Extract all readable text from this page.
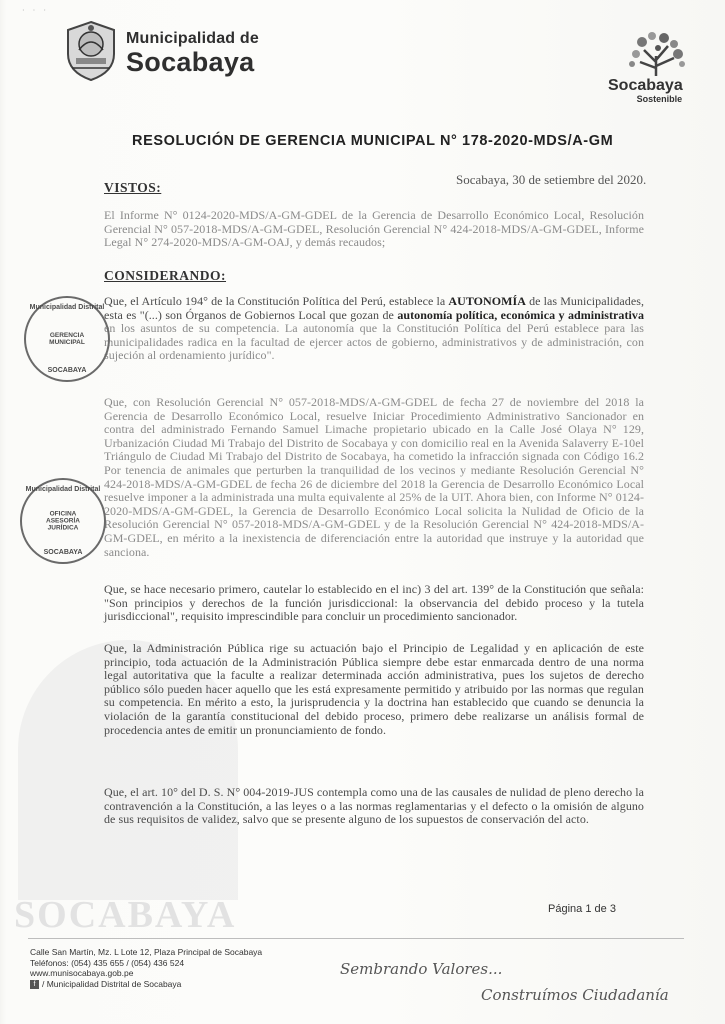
· · ·
Municipalidad de
Socabaya
Socabaya
Sostenible
RESOLUCIÓN DE GERENCIA MUNICIPAL N° 178-2020-MDS/A-GM
Socabaya, 30 de setiembre del 2020.
VISTOS:
El Informe N° 0124-2020-MDS/A-GM-GDEL de la Gerencia de Desarrollo Económico Local, Resolución Gerencial N° 057-2018-MDS/A-GM-GDEL, Resolución Gerencial N° 424-2018-MDS/A-GM-GDEL, Informe Legal N° 274-2020-MDS/A-GM-OAJ, y demás recaudos;
CONSIDERANDO:
Que, el Artículo 194° de la Constitución Política del Perú, establece la AUTONOMÍA de las Municipalidades, esta es "(...) son Órganos de Gobiernos Local que gozan de autonomía política, económica y administrativa en los asuntos de su competencia. La autonomía que la Constitución Política del Perú establece para las municipalidades radica en la facultad de ejercer actos de gobierno, administrativos y de administración, con sujeción al ordenamiento jurídico".
Que, con Resolución Gerencial N° 057-2018-MDS/A-GM-GDEL de fecha 27 de noviembre del 2018 la Gerencia de Desarrollo Económico Local, resuelve Iniciar Procedimiento Administrativo Sancionador en contra del administrado Fernando Samuel Limache propietario ubicado en la Calle José Olaya N° 129, Urbanización Ciudad Mi Trabajo del Distrito de Socabaya y con domicilio real en la Avenida Salaverry E-10el Triángulo de Ciudad Mi Trabajo del Distrito de Socabaya, ha cometido la infracción signada con Código 16.2 Por tenencia de animales que perturben la tranquilidad de los vecinos y mediante Resolución Gerencial N° 424-2018-MDS/A-GM-GDEL de fecha 26 de diciembre del 2018 la Gerencia de Desarrollo Económico Local resuelve imponer a la administrada una multa equivalente al 25% de la UIT. Ahora bien, con Informe N° 0124-2020-MDS/A-GM-GDEL, la Gerencia de Desarrollo Económico Local solicita la Nulidad de Oficio de la Resolución Gerencial N° 057-2018-MDS/A-GM-GDEL y de la Resolución Gerencial N° 424-2018-MDS/A-GM-GDEL, en mérito a la inexistencia de diferenciación entre la autoridad que instruye y la autoridad que sanciona.
Que, se hace necesario primero, cautelar lo establecido en el inc) 3 del art. 139° de la Constitución que señala: "Son principios y derechos de la función jurisdiccional: la observancia del debido proceso y la tutela jurisdiccional", requisito imprescindible para concluir un procedimiento sancionador.
Que, la Administración Pública rige su actuación bajo el Principio de Legalidad y en aplicación de este principio, toda actuación de la Administración Pública siempre debe estar enmarcada dentro de una norma legal autoritativa que la faculte a realizar determinada acción administrativa, pues los sujetos de derecho público sólo pueden hacer aquello que les está expresamente permitido y atribuido por las normas que regulan su competencia. En mérito a esto, la jurisprudencia y la doctrina han establecido que cuando se denuncia la violación de la garantía constitucional del debido proceso, primero debe realizarse un análisis formal de procedencia antes de emitir un pronunciamiento de fondo.
Que, el art. 10° del D. S. N° 004-2019-JUS contempla como una de las causales de nulidad de pleno derecho la contravención a la Constitución, a las leyes o a las normas reglamentarias y el defecto o la omisión de alguno de sus requisitos de validez, salvo que se presente alguno de los supuestos de conservación del acto.
Municipalidad Distrital
GERENCIA MUNICIPAL
SOCABAYA
Municipalidad Distrital
OFICINA ASESORÍA JURÍDICA
SOCABAYA
SOCABAYA	Página 1 de 3
Calle San Martín, Mz. L Lote 12, Plaza Principal de Socabaya
Teléfonos: (054) 435 655 / (054) 436 524
www.munisocabaya.gob.pe
f / Municipalidad Distrital de Socabaya
Sembrando Valores...
Construímos Ciudadanía
